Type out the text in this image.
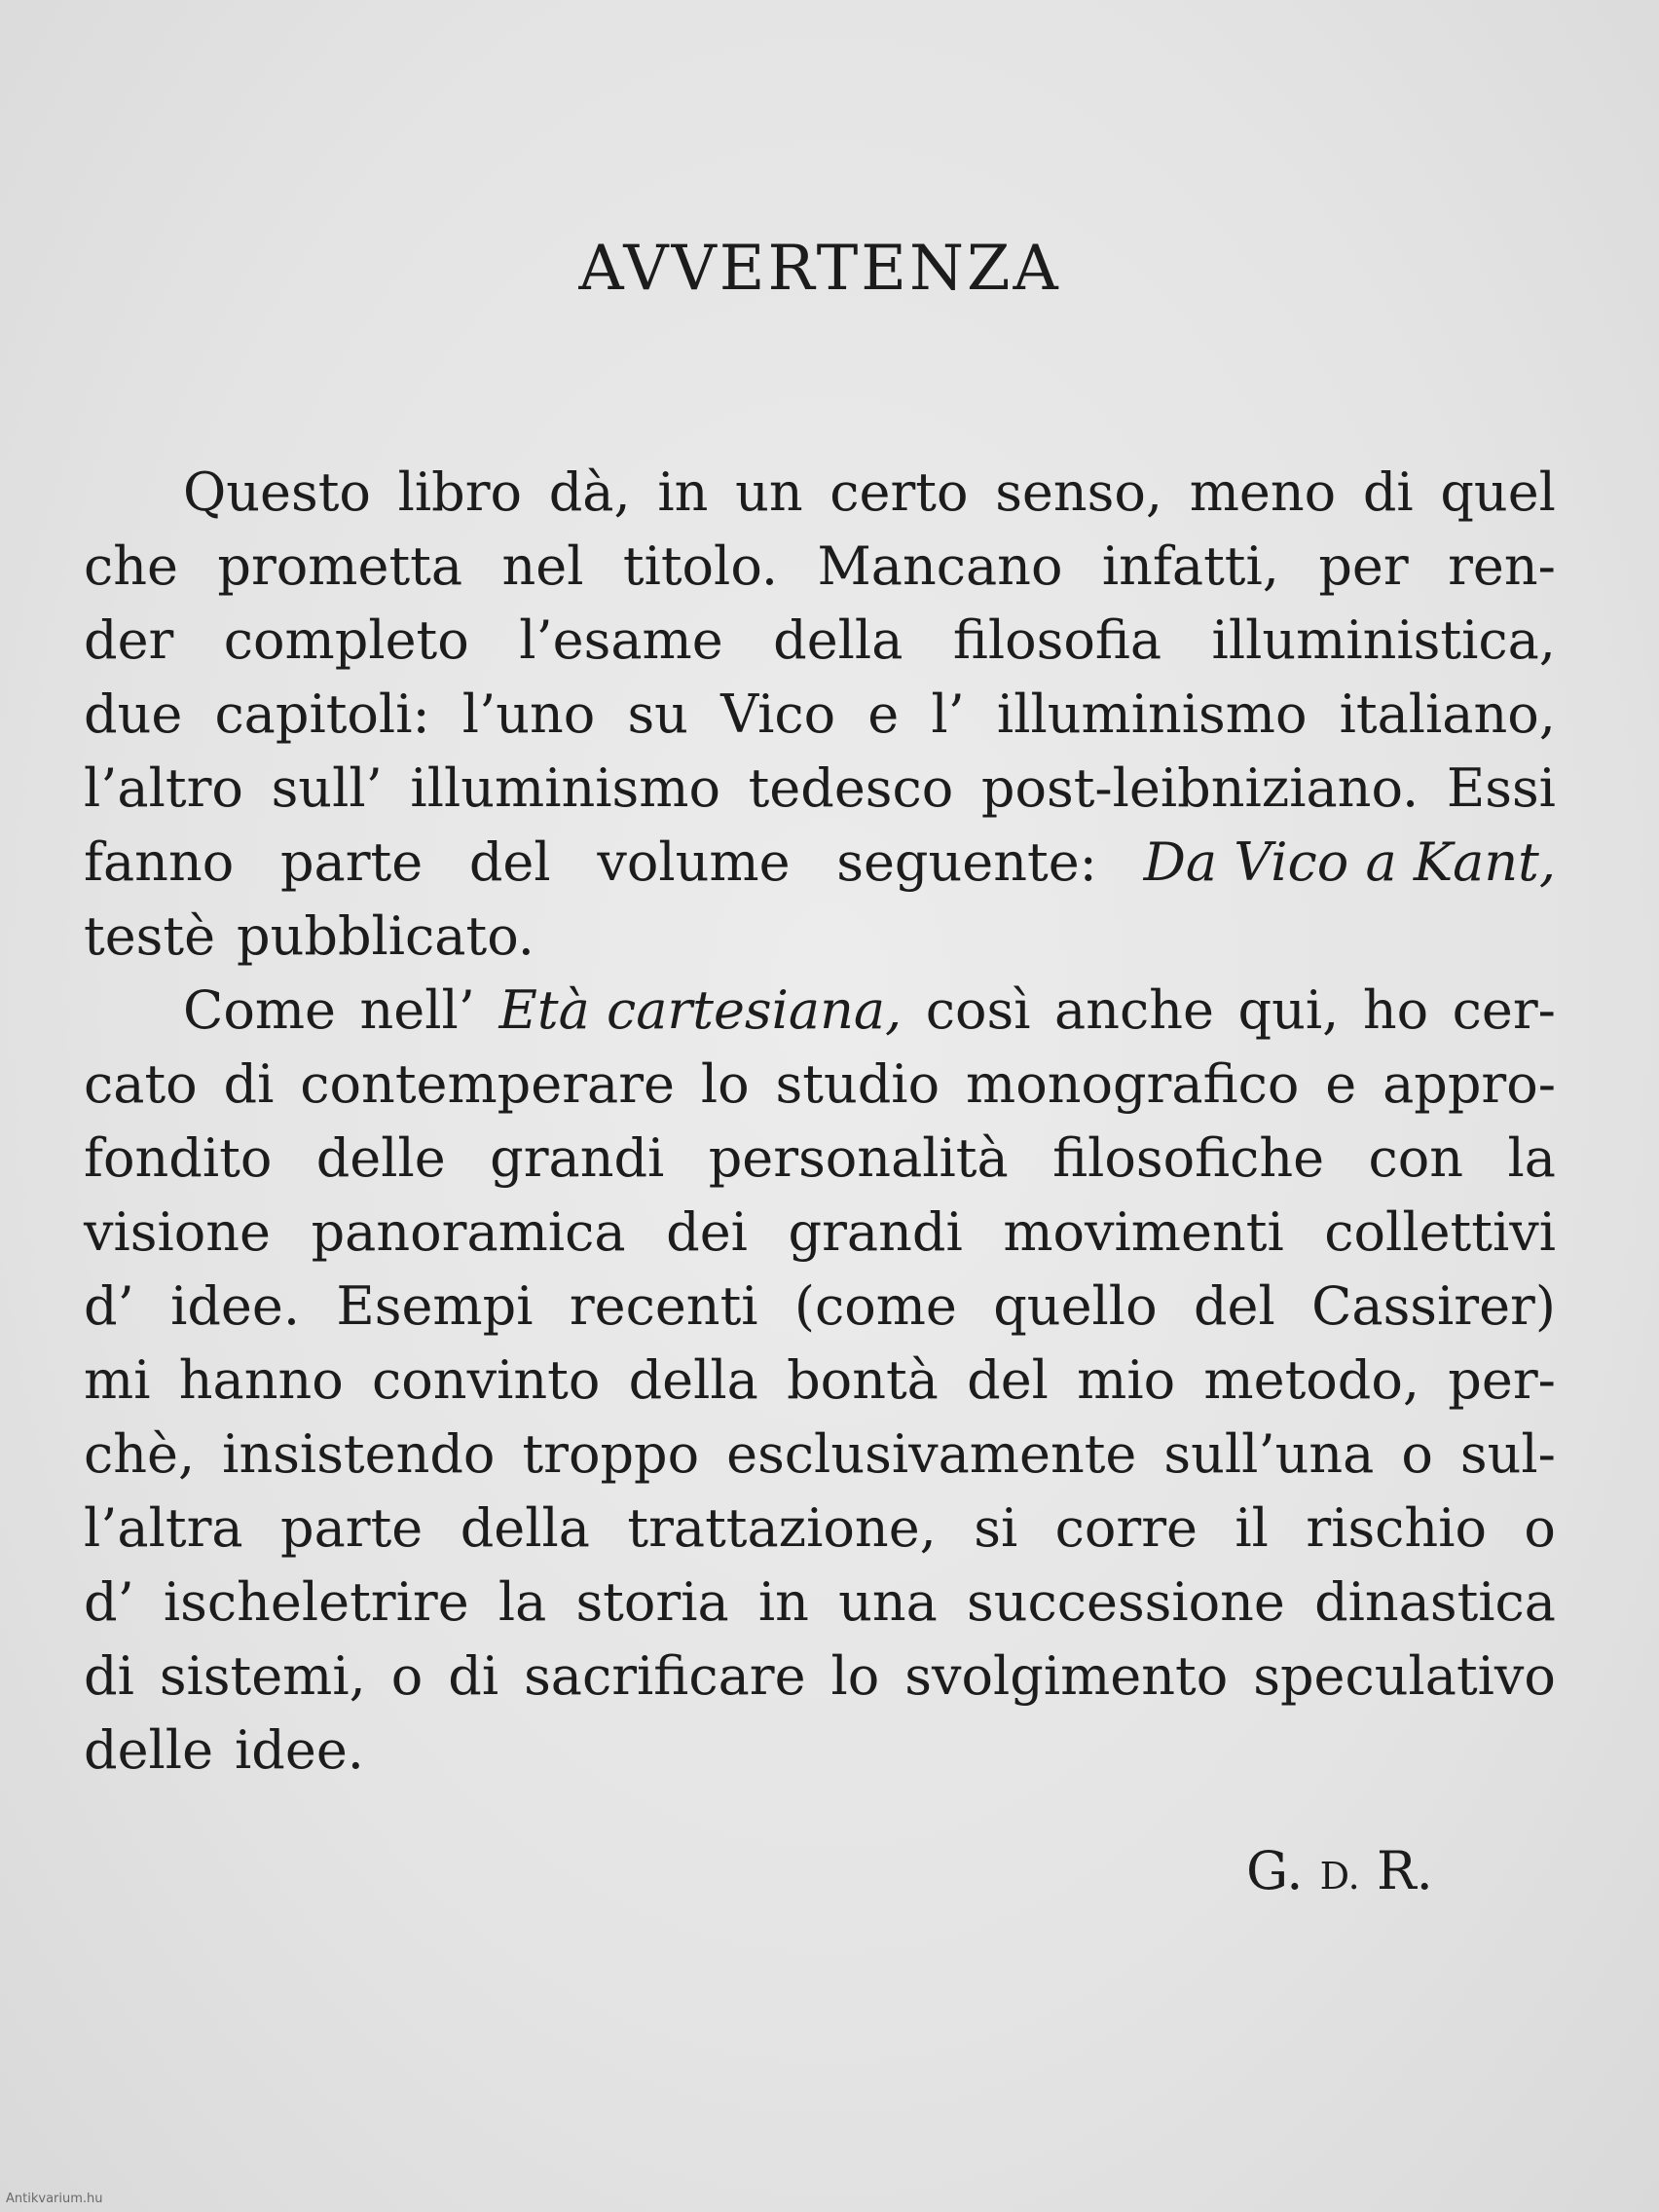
AVVERTENZA
Questo libro dà, in un certo senso, meno di quel
che prometta nel titolo. Mancano infatti, per ren-
der completo l’esame della filosofia illuministica,
due capitoli: l’uno su Vico e l’ illuminismo italiano,
l’altro sull’ illuminismo tedesco post-leibniziano. Essi
fanno parte del volume seguente: Da Vico a Kant,
testè pubblicato.
Come nell’ Età cartesiana, così anche qui, ho cer-
cato di contemperare lo studio monografico e appro-
fondito delle grandi personalità filosofiche con la
visione panoramica dei grandi movimenti collettivi
d’ idee. Esempi recenti (come quello del Cassirer)
mi hanno convinto della bontà del mio metodo, per-
chè, insistendo troppo esclusivamente sull’una o sul-
l’altra parte della trattazione, si corre il rischio o
d’ ischeletrire la storia in una successione dinastica
di sistemi, o di sacrificare lo svolgimento speculativo
delle idee.
G. D. R.
Antikvarium.hu
